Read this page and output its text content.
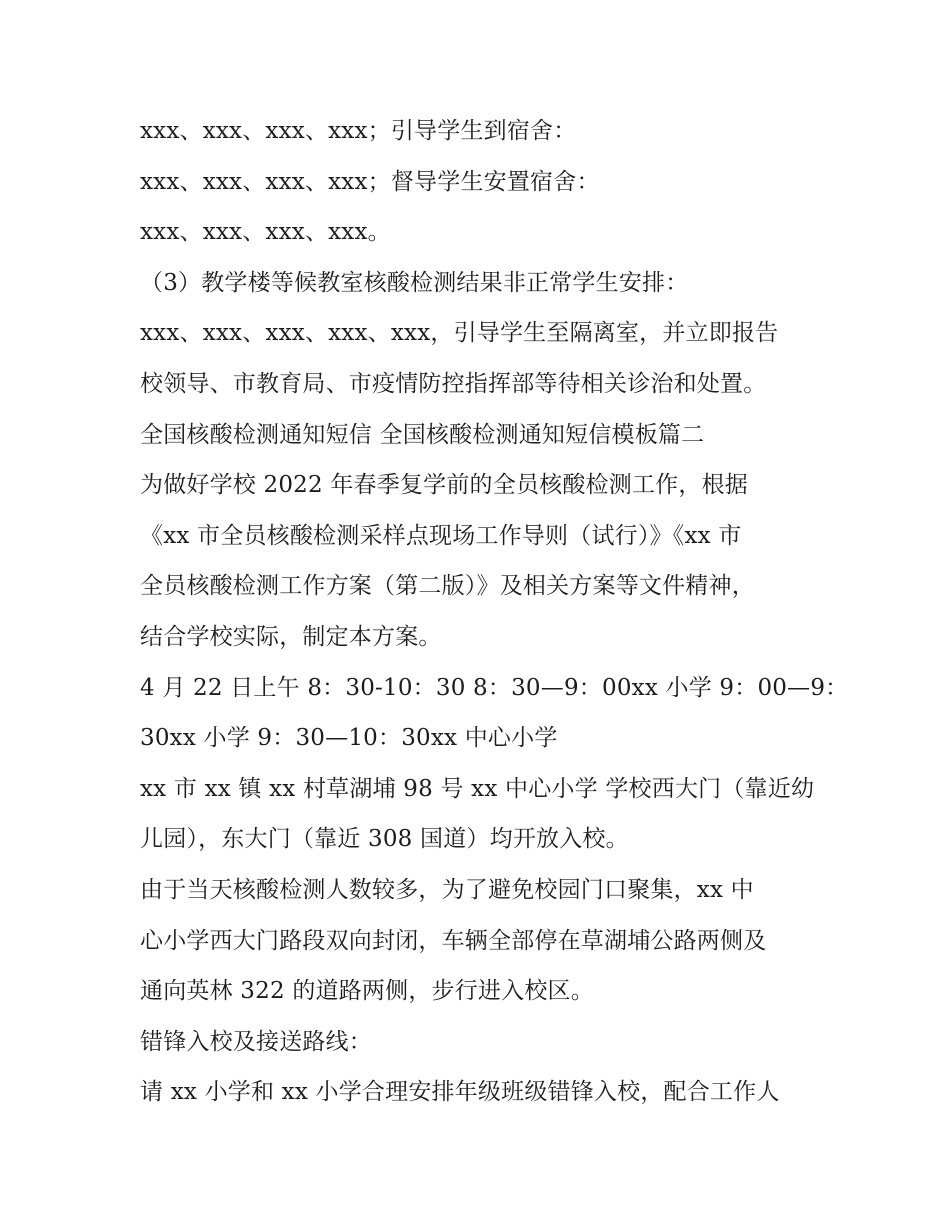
xxx、xxx、xxx、xxx；引导学生到宿舍：
xxx、xxx、xxx、xxx；督导学生安置宿舍：
xxx、xxx、xxx、xxx。
（3）教学楼等候教室核酸检测结果非正常学生安排：
xxx、xxx、xxx、xxx、xxx，引导学生至隔离室，并立即报告
校领导、市教育局、市疫情防控指挥部等待相关诊治和处置。
全国核酸检测通知短信 全国核酸检测通知短信模板篇二
为做好学校 2022 年春季复学前的全员核酸检测工作，根据
《xx 市全员核酸检测采样点现场工作导则（试行）》《xx 市
全员核酸检测工作方案（第二版）》及相关方案等文件精神，
结合学校实际，制定本方案。
4 月 22 日上午 8：30-10：30 8：30—9：00xx 小学 9：00—9：
30xx 小学 9：30—10：30xx 中心小学
xx 市 xx 镇 xx 村草湖埔 98 号 xx 中心小学 学校西大门（靠近幼
儿园），东大门（靠近 308 国道）均开放入校。
由于当天核酸检测人数较多，为了避免校园门口聚集，xx 中
心小学西大门路段双向封闭，车辆全部停在草湖埔公路两侧及
通向英林 322 的道路两侧，步行进入校区。
错锋入校及接送路线：
请 xx 小学和 xx 小学合理安排年级班级错锋入校，配合工作人
